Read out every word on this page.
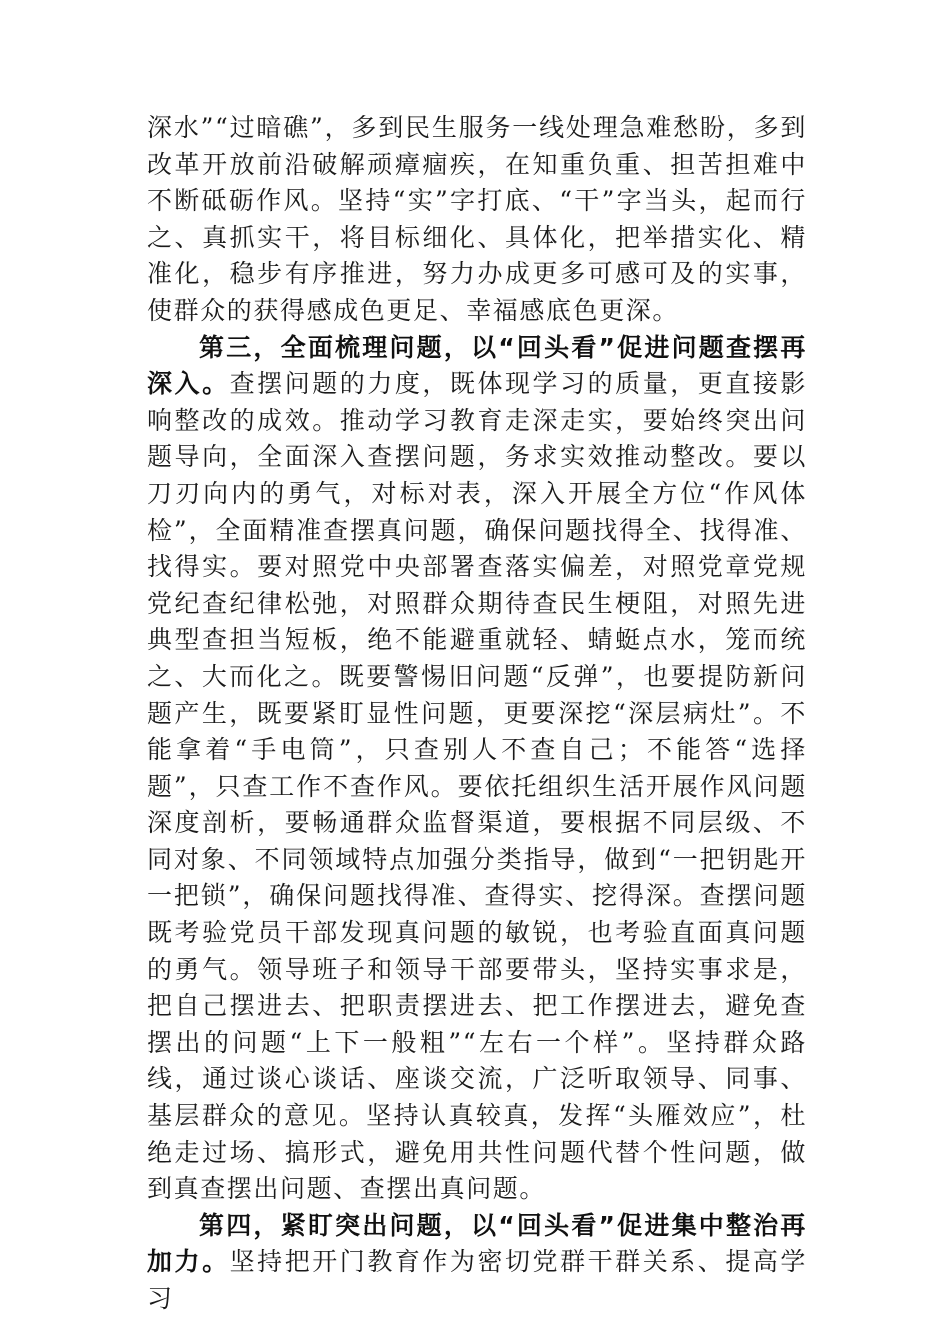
深水”“过暗礁”，多到民生服务一线处理急难愁盼，多到改革开放前沿破解顽瘴痼疾，在知重负重、担苦担难中不断砥砺作风。坚持“实”字打底、“干”字当头，起而行之、真抓实干，将目标细化、具体化，把举措实化、精准化，稳步有序推进，努力办成更多可感可及的实事，使群众的获得感成色更足、幸福感底色更深。

第三，全面梳理问题，以“回头看”促进问题查摆再深入。查摆问题的力度，既体现学习的质量，更直接影响整改的成效。推动学习教育走深走实，要始终突出问题导向，全面深入查摆问题，务求实效推动整改。要以刀刃向内的勇气，对标对表，深入开展全方位“作风体检”，全面精准查摆真问题，确保问题找得全、找得准、找得实。要对照党中央部署查落实偏差，对照党章党规党纪查纪律松弛，对照群众期待查民生梗阻，对照先进典型查担当短板，绝不能避重就轻、蜻蜓点水，笼而统之、大而化之。既要警惕旧问题“反弹”，也要提防新问题产生，既要紧盯显性问题，更要深挖“深层病灶”。不能拿着“手电筒”，只查别人不查自己；不能答“选择题”，只查工作不查作风。要依托组织生活开展作风问题深度剖析，要畅通群众监督渠道，要根据不同层级、不同对象、不同领域特点加强分类指导，做到“一把钥匙开一把锁”，确保问题找得准、查得实、挖得深。查摆问题既考验党员干部发现真问题的敏锐，也考验直面真问题的勇气。领导班子和领导干部要带头，坚持实事求是，把自己摆进去、把职责摆进去、把工作摆进去，避免查摆出的问题“上下一般粗”“左右一个样”。坚持群众路线，通过谈心谈话、座谈交流，广泛听取领导、同事、基层群众的意见。坚持认真较真，发挥“头雁效应”，杜绝走过场、搞形式，避免用共性问题代替个性问题，做到真查摆出问题、查摆出真问题。

第四，紧盯突出问题，以“回头看”促进集中整治再加力。坚持把开门教育作为密切党群干群关系、提高学习
